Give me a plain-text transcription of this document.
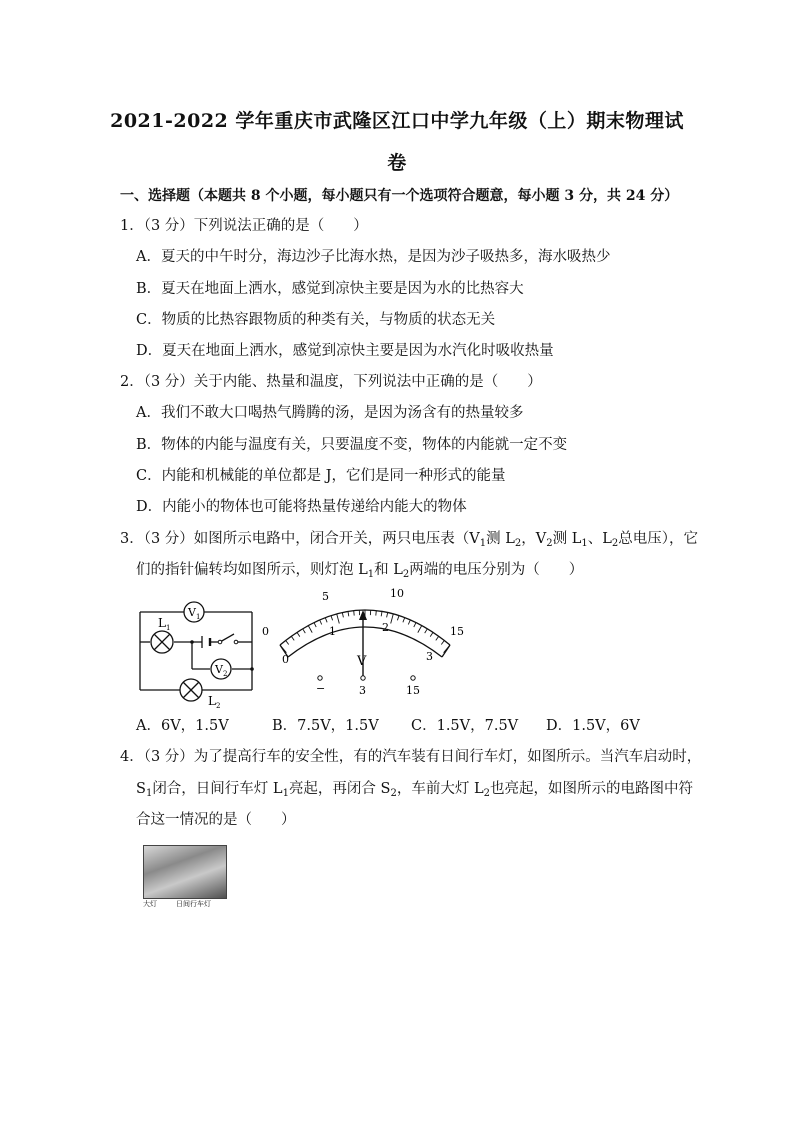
2021-2022 学年重庆市武隆区江口中学九年级（上）期末物理试
卷
一、选择题（本题共 8 个小题，每小题只有一个选项符合题意，每小题 3 分，共 24 分）
1．（3 分）下列说法正确的是（　　）
A．夏天的中午时分，海边沙子比海水热，是因为沙子吸热多，海水吸热少
B．夏天在地面上洒水，感觉到凉快主要是因为水的比热容大
C．物质的比热容跟物质的种类有关，与物质的状态无关
D．夏天在地面上洒水，感觉到凉快主要是因为水汽化时吸收热量
2．（3 分）关于内能、热量和温度，下列说法中正确的是（　　）
A．我们不敢大口喝热气腾腾的汤，是因为汤含有的热量较多
B．物体的内能与温度有关，只要温度不变，物体的内能就一定不变
C．内能和机械能的单位都是 J，它们是同一种形式的能量
D．内能小的物体也可能将热量传递给内能大的物体
3．（3 分）如图所示电路中，闭合开关，两只电压表（$V_1$测 $L_2$，$V_2$测 $L_1$、$L_2$总电压），它
们的指针偏转均如图所示，则灯泡 $L_1$和 $L_2$两端的电压分别为（　　）
V 1
V 2
L 1
L 2
0
5	10
15
0
1	2
3
V
−	3	15
A．6V，1.5V	B．7.5V，1.5V C．1.5V，7.5V D．1.5V，6V
4．（3 分）为了提高行车的安全性，有的汽车装有日间行车灯，如图所示。当汽车启动时，
$S_1$闭合，日间行车灯 $L_1$亮起，再闭合 $S_2$，车前大灯 $L_2$也亮起，如图所示的电路图中符
合这一情况的是（　　）
大灯	日间行车灯
